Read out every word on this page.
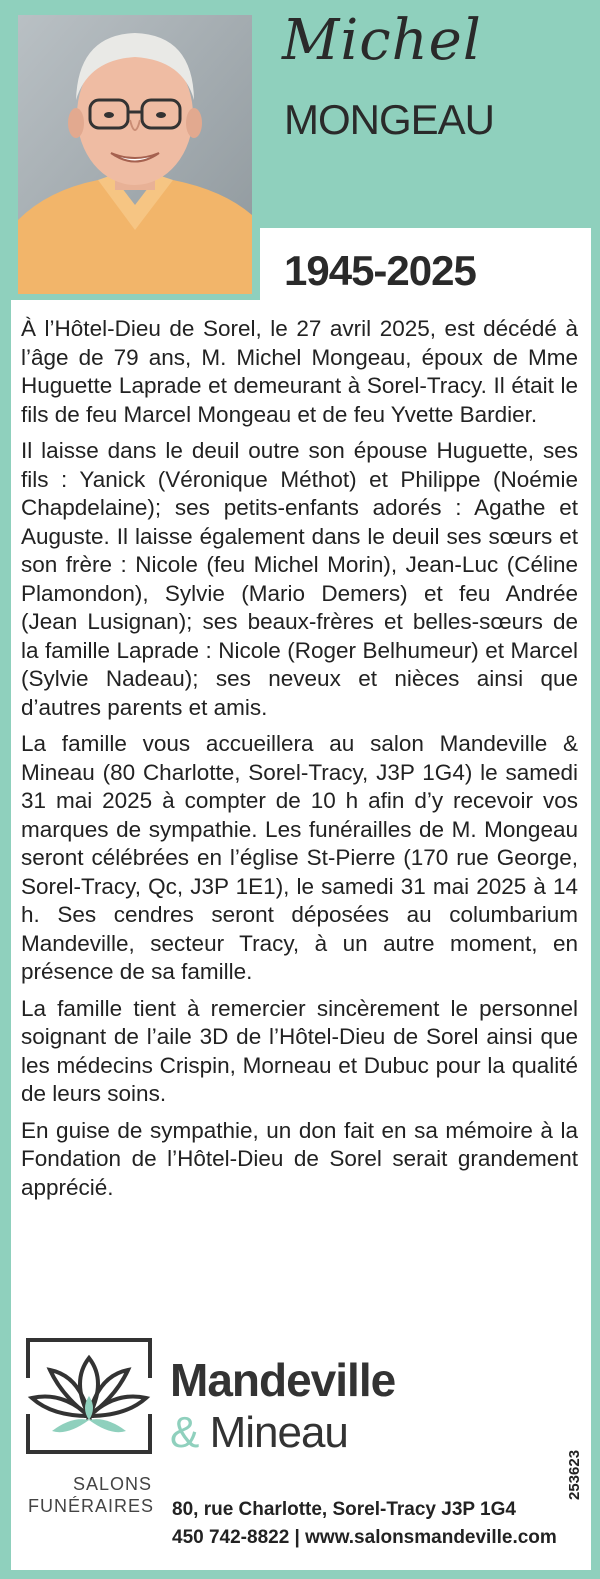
Michel
MONGEAU
1945-2025

À l’Hôtel-Dieu de Sorel, le 27 avril 2025, est décédé à l’âge de 79 ans, M. Michel Mongeau, époux de Mme Huguette Laprade et demeurant à Sorel-Tracy. Il était le fils de feu Marcel Mongeau et de feu Yvette Bardier.

Il laisse dans le deuil outre son épouse Huguette, ses fils : Yanick (Véronique Méthot) et Philippe (Noémie Chapdelaine); ses petits-enfants adorés : Agathe et Auguste. Il laisse également dans le deuil ses sœurs et son frère : Nicole (feu Michel Morin), Jean-Luc (Céline Plamondon), Sylvie (Mario Demers) et feu Andrée (Jean Lusignan); ses beaux-frères et belles-sœurs de la famille Laprade : Nicole (Roger Belhumeur) et Marcel (Sylvie Nadeau); ses neveux et nièces ainsi que d’autres parents et amis.

La famille vous accueillera au salon Mandeville & Mineau (80 Charlotte, Sorel-Tracy, J3P 1G4) le samedi 31 mai 2025 à compter de 10 h afin d’y recevoir vos marques de sympathie. Les funérailles de M. Mongeau seront célébrées en l’église St-Pierre (170 rue George, Sorel-Tracy, Qc, J3P 1E1), le samedi 31 mai 2025 à 14 h. Ses cendres seront déposées au columbarium Mandeville, secteur Tracy, à un autre moment, en présence de sa famille.

La famille tient à remercier sincèrement le personnel soignant de l’aile 3D de l’Hôtel-Dieu de Sorel ainsi que les médecins Crispin, Morneau et Dubuc pour la qualité de leurs soins.

En guise de sympathie, un don fait en sa mémoire à la Fondation de l’Hôtel-Dieu de Sorel serait grandement apprécié.

Mandeville
& Mineau
SALONS
FUNÉRAIRES 80, rue Charlotte, Sorel-Tracy J3P 1G4
450 742-8822 | www.salonsmandeville.com
253623
